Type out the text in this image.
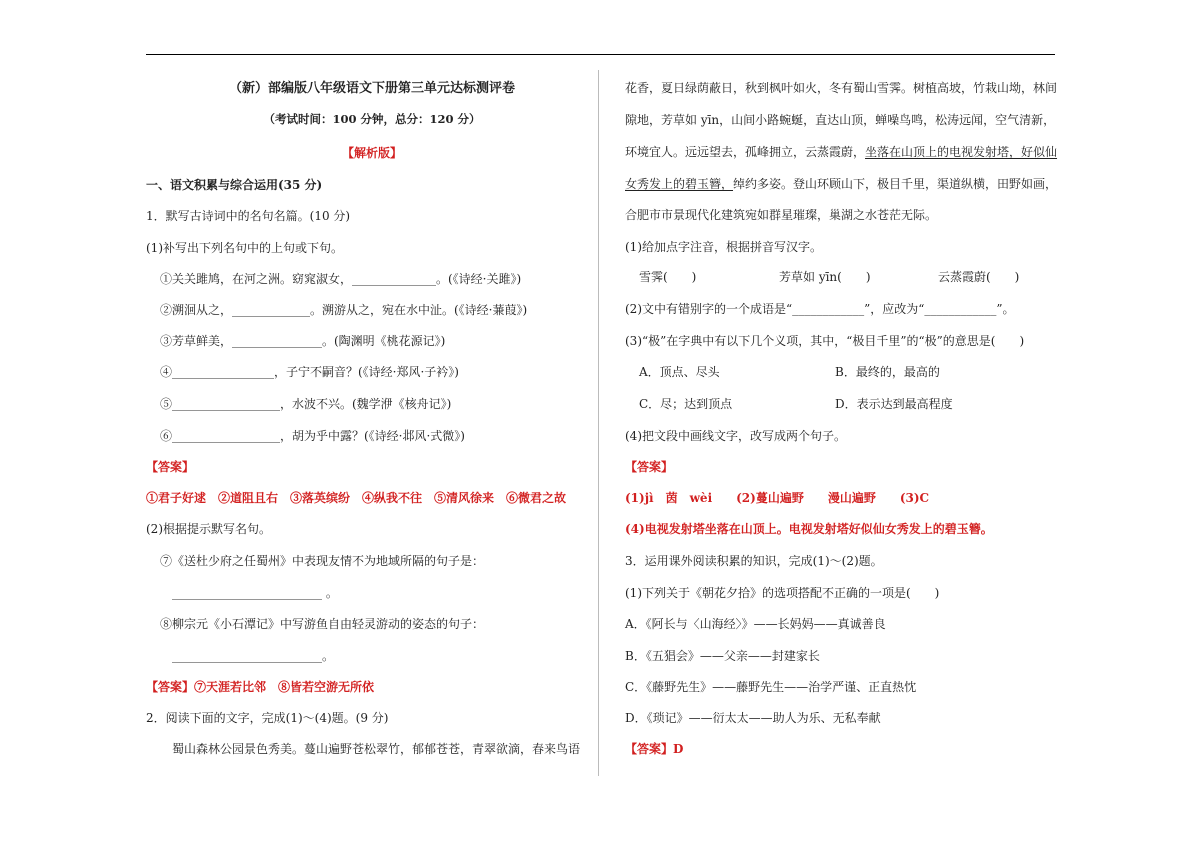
（新）部编版八年级语文下册第三单元达标测评卷
（考试时间：100 分钟，总分：120 分）
【解析版】
一、语文积累与综合运用(35 分)
1．默写古诗词中的名句名篇。(10 分)
(1)补写出下列名句中的上句或下句。
①关关雎鸠，在河之洲。窈窕淑女，______________。(《诗经·关雎》)
②溯洄从之，_____________。溯游从之，宛在水中沚。(《诗经·蒹葭》)
③芳草鲜美，_______________。(陶渊明《桃花源记》)
④_________________，子宁不嗣音？(《诗经·郑风·子衿》)
⑤__________________，水波不兴。(魏学洢《核舟记》)
⑥__________________，胡为乎中露？(《诗经·邶风·式微》)
【答案】
①君子好逑　②道阻且右　③落英缤纷　④纵我不往　⑤清风徐来　⑥微君之故
(2)根据提示默写名句。
⑦《送杜少府之任蜀州》中表现友情不为地域所隔的句子是：
_________________________ 。
⑧柳宗元《小石潭记》中写游鱼自由轻灵游动的姿态的句子：
_________________________。
【答案】⑦天涯若比邻　⑧皆若空游无所依
2．阅读下面的文字，完成(1)～(4)题。(9 分)
蜀山森林公园景色秀美。蔓山遍野苍松翠竹，郁郁苍苍，青翠欲滴，春来鸟语
花香，夏日绿荫蔽日，秋到枫叶如火，冬有蜀山雪霁。树植高坡，竹栽山坳，林间
隙地，芳草如 yīn，山间小路蜿蜒，直达山顶，蝉噪鸟鸣，松涛远闻，空气清新，
环境宜人。远远望去，孤峰拥立，云蒸霞蔚，坐落在山顶上的电视发射塔，好似仙
女秀发上的碧玉簪，绰约多姿。登山环顾山下，极目千里，渠道纵横，田野如画，
合肥市市景现代化建筑宛如群星璀璨，巢湖之水苍茫无际。
(1)给加点字注音，根据拼音写汉字。
雪霁(　　)	芳草如 yīn(　　)	云蒸霞蔚(　　)
(2)文中有错别字的一个成语是“____________”，应改为“____________”。
(3)“极”在字典中有以下几个义项，其中，“极目千里”的“极”的意思是(　　)
A．顶点、尽头	B．最终的，最高的
C．尽；达到顶点	D．表示达到最高程度
(4)把文段中画线文字，改写成两个句子。
【答案】
(1)jì　茵　wèi　　(2)蔓山遍野　　漫山遍野　　(3)C
(4)电视发射塔坐落在山顶上。电视发射塔好似仙女秀发上的碧玉簪。
3．运用课外阅读积累的知识，完成(1)～(2)题。
(1)下列关于《朝花夕拾》的选项搭配不正确的一项是(　　)
A．《阿长与〈山海经〉》——长妈妈——真诚善良
B．《五猖会》——父亲——封建家长
C．《藤野先生》——藤野先生——治学严谨、正直热忱
D．《琐记》——衍太太——助人为乐、无私奉献
【答案】D
